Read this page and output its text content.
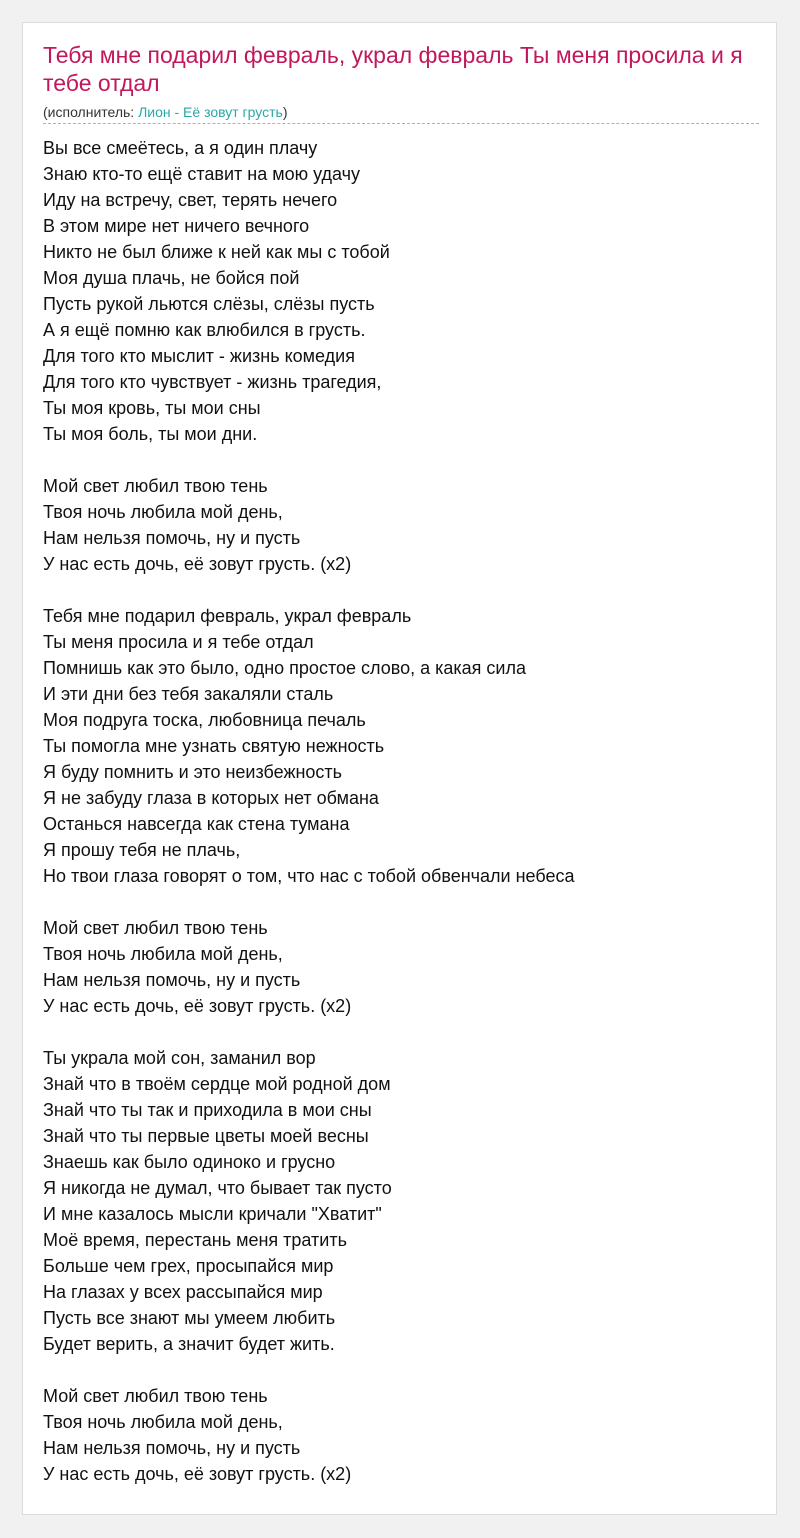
Тебя мне подарил февраль, украл февраль Ты меня просила и я тебе отдал
(исполнитель: Лион - Её зовут грусть)
Вы все смеётесь, а я один плачу
Знаю кто-то ещё ставит на мою удачу
Иду на встречу, свет, терять нечего
В этом мире нет ничего вечного
Никто не был ближе к ней как мы с тобой
Моя душа плачь, не бойся пой
Пусть рукой льются слёзы, слёзы пусть
А я ещё помню как влюбился в грусть.
Для того кто мыслит - жизнь комедия
Для того кто чувствует - жизнь трагедия,
Ты моя кровь, ты мои сны
Ты моя боль, ты мои дни.
Мой свет любил твою тень
Твоя ночь любила мой день,
Нам нельзя помочь, ну и пусть
У нас есть дочь, её зовут грусть. (x2)
Тебя мне подарил февраль, украл февраль
Ты меня просила и я тебе отдал
Помнишь как это было, одно простое слово, а какая сила
И эти дни без тебя закаляли сталь
Моя подруга тоска, любовница печаль
Ты помогла мне узнать святую нежность
Я буду помнить и это неизбежность
Я не забуду глаза в которых нет обмана
Останься навсегда как стена тумана
Я прошу тебя не плачь,
Но твои глаза говорят о том, что нас с тобой обвенчали небеса
Мой свет любил твою тень
Твоя ночь любила мой день,
Нам нельзя помочь, ну и пусть
У нас есть дочь, её зовут грусть. (x2)
Ты украла мой сон, заманил вор
Знай что в твоём сердце мой родной дом
Знай что ты так и приходила в мои сны
Знай что ты первые цветы моей весны
Знаешь как было одиноко и грусно
Я никогда не думал, что бывает так пусто
И мне казалось мысли кричали "Хватит"
Моё время, перестань меня тратить
Больше чем грех, просыпайся мир
На глазах у всех рассыпайся мир
Пусть все знают мы умеем любить
Будет верить, а значит будет жить.
Мой свет любил твою тень
Твоя ночь любила мой день,
Нам нельзя помочь, ну и пусть
У нас есть дочь, её зовут грусть. (x2)
